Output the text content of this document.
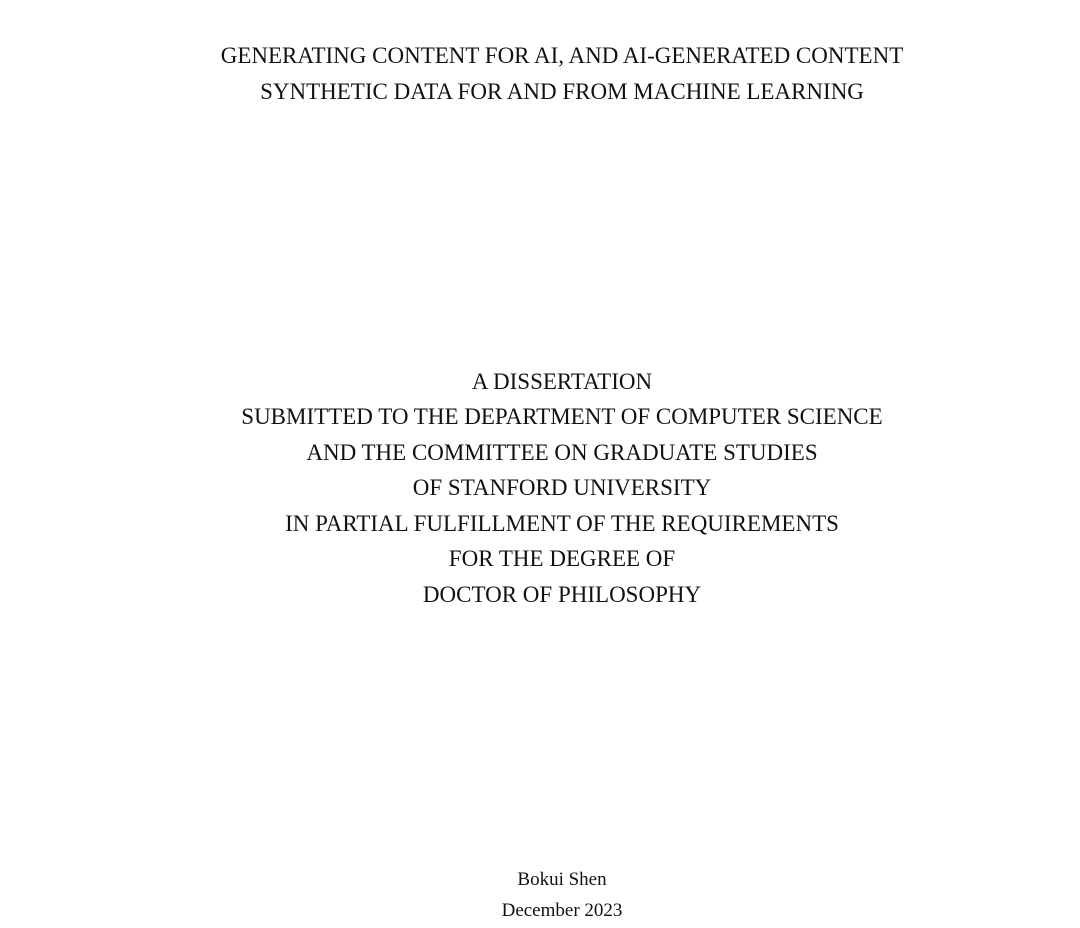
GENERATING CONTENT FOR AI, AND AI-GENERATED CONTENT
SYNTHETIC DATA FOR AND FROM MACHINE LEARNING
A DISSERTATION
SUBMITTED TO THE DEPARTMENT OF COMPUTER SCIENCE
AND THE COMMITTEE ON GRADUATE STUDIES
OF STANFORD UNIVERSITY
IN PARTIAL FULFILLMENT OF THE REQUIREMENTS
FOR THE DEGREE OF
DOCTOR OF PHILOSOPHY
Bokui Shen
December 2023
